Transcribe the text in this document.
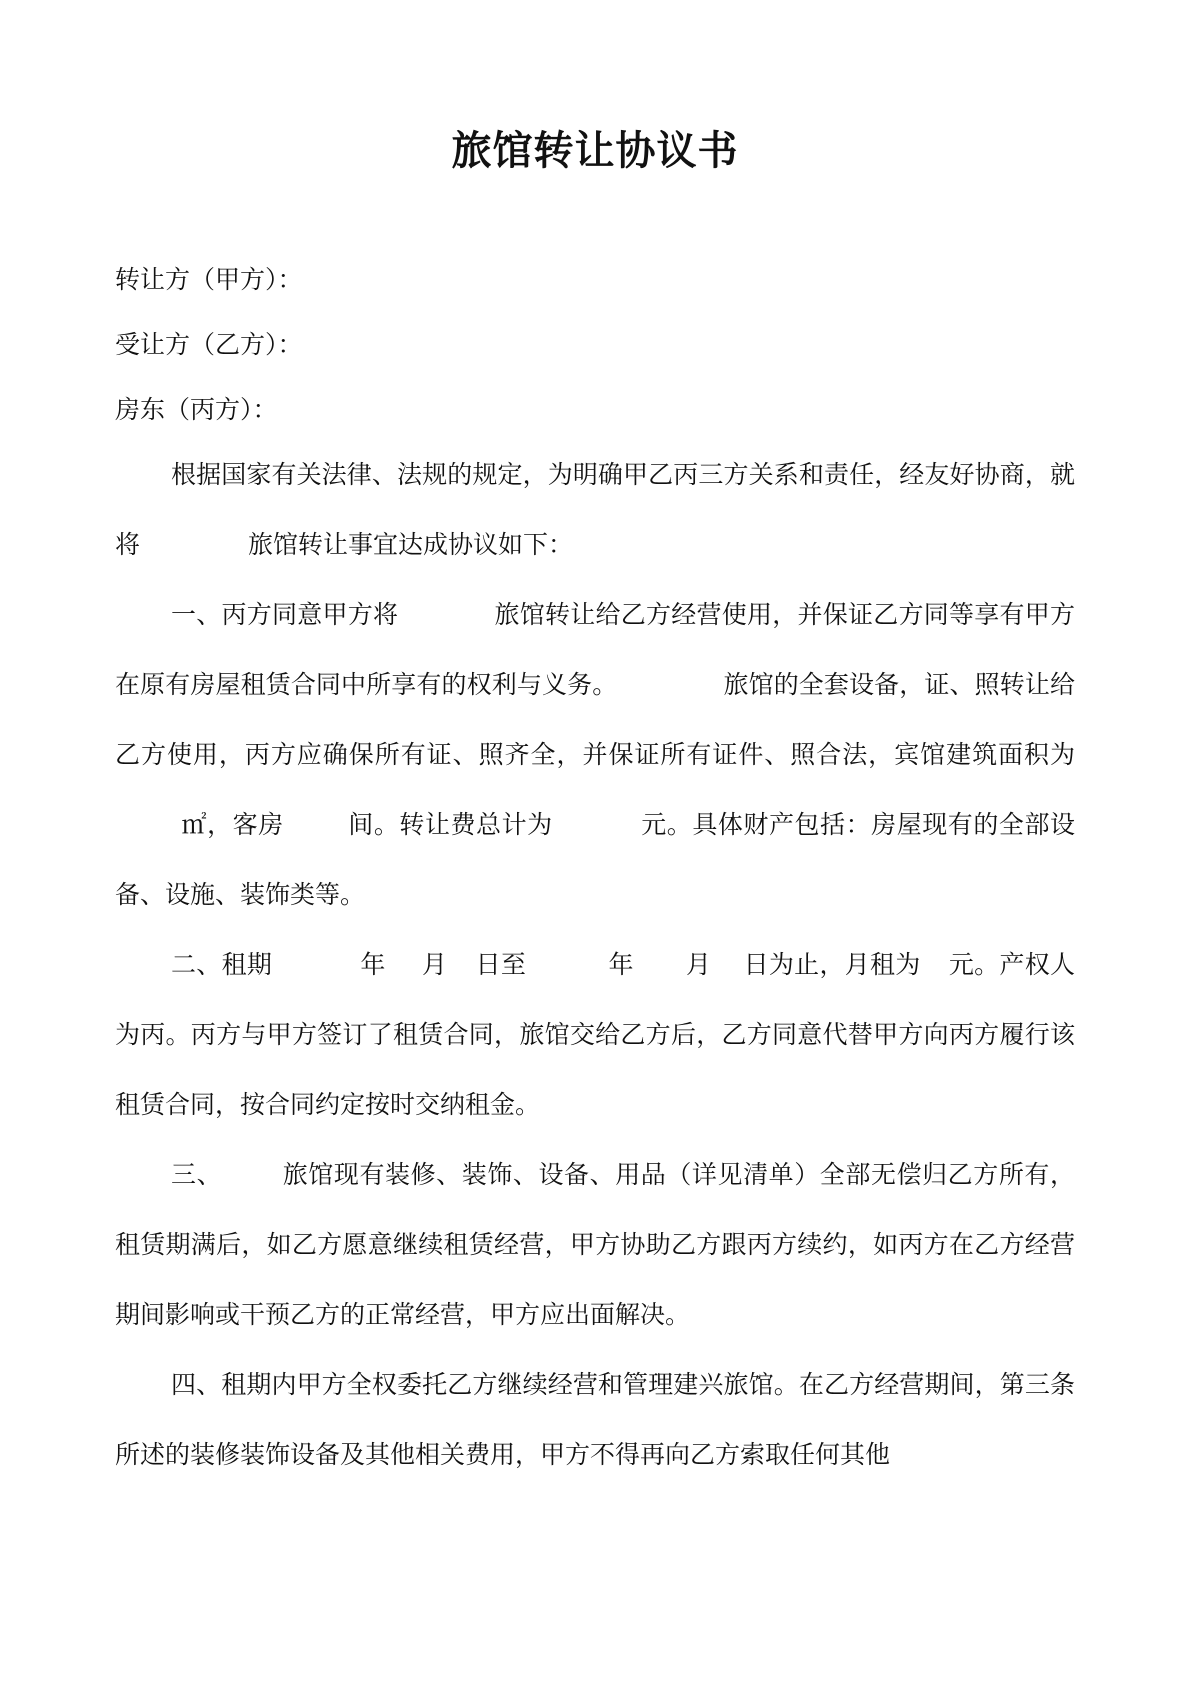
旅馆转让协议书
转让方（甲方）：
受让方（乙方）：
房东（丙方）：

根据国家有关法律、法规的规定，为明确甲乙丙三方关系和责任，经友好协商，就将	旅馆转让事宜达成协议如下：

一、丙方同意甲方将	旅馆转让给乙方经营使用，并保证乙方同等享有甲方在原有房屋租赁合同中所享有的权利与义务。	旅馆的全套设备，证、照转让给乙方使用，丙方应确保所有证、照齐全，并保证所有证件、照合法，宾馆建筑面积为㎡，客房	间。转让费总计为	元。具体财产包括：房屋现有的全部设备、设施、装饰类等。

二、租期	年 月 日至	年 月 日为止，月租为 元。产权人为丙。丙方与甲方签订了租赁合同，旅馆交给乙方后，乙方同意代替甲方向丙方履行该租赁合同，按合同约定按时交纳租金。

三、 旅馆现有装修、装饰、设备、用品（详见清单）全部无偿归乙方所有，租赁期满后，如乙方愿意继续租赁经营，甲方协助乙方跟丙方续约，如丙方在乙方经营期间影响或干预乙方的正常经营，甲方应出面解决。

四、租期内甲方全权委托乙方继续经营和管理建兴旅馆。在乙方经营期间，第三条所述的装修装饰设备及其他相关费用，甲方不得再向乙方索取任何其他
